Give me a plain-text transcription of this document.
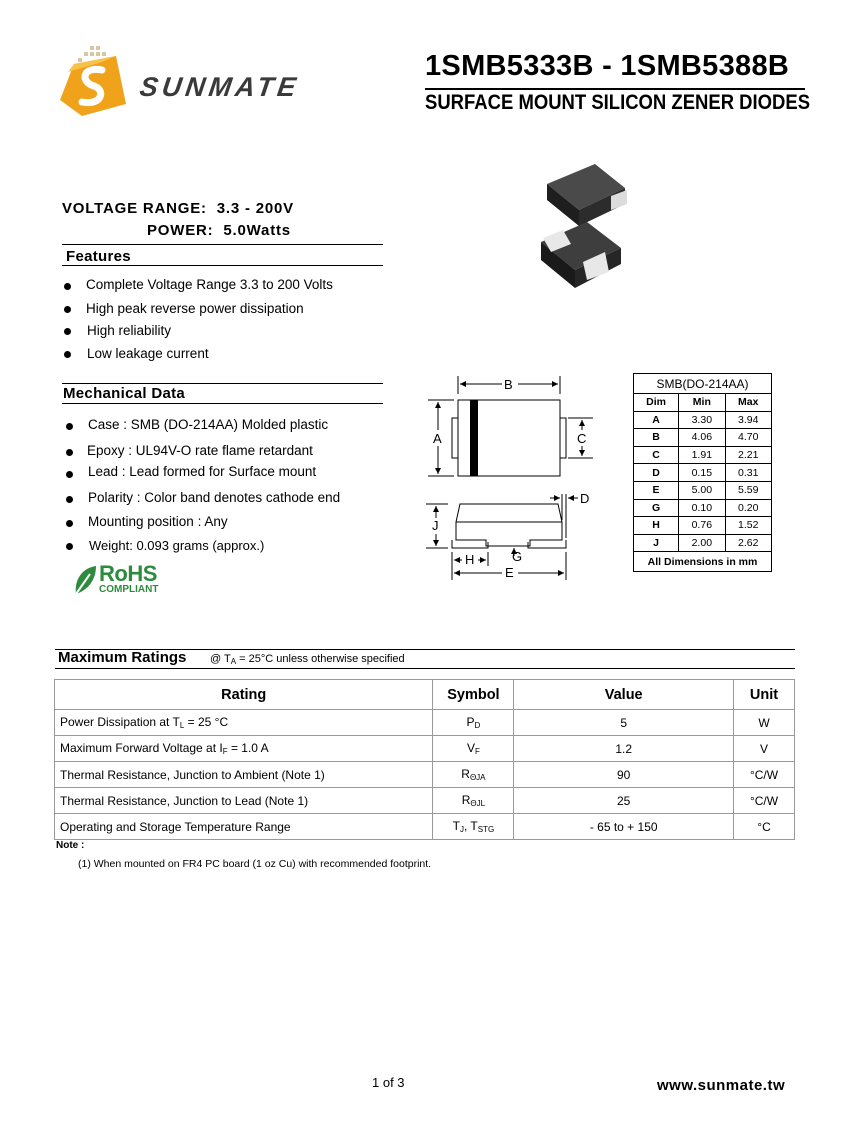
SUNMATE
1SMB5333B - 1SMB5388B
SURFACE MOUNT SILICON ZENER DIODES
VOLTAGE RANGE: 3.3 - 200V
POWER: 5.0Watts
Features
Complete Voltage Range 3.3 to 200 Volts
High peak reverse power dissipation
High reliability
Low leakage current
Mechanical Data
Case : SMB (DO-214AA) Molded plastic
Epoxy : UL94V-O rate flame retardant
Lead : Lead formed for Surface mount
Polarity : Color band denotes cathode end
Mounting position : Any
Weight: 0.093 grams (approx.)
RoHS
COMPLIANT
B
A	C
D
J
G
H
E
SMB(DO-214AA)		
Dim	Min	Max
A	3.30	3.94
B	4.06	4.70
C	1.91	2.21
D	0.15	0.31
E	5.00	5.59
G	0.10	0.20
H	0.76	1.52
J	2.00	2.62
All Dimensions in mm		
Maximum Ratings @ $T_A = 25^\circ C$ unless otherwise specified
Rating	Symbol	Value	Unit
Power Dissipation at $T_L = 25$ °C	$P_D$	5	W
Maximum Forward Voltage at $I_F = 1.0$ A	$V_F$	1.2	V
Thermal Resistance, Junction to Ambient (Note 1)	$R_{\Theta JA}$	90	°C/W
Thermal Resistance, Junction to Lead (Note 1)	$R_{\Theta JL}$	25	°C/W
Operating and Storage Temperature Range	$T_J$, $T_{STG}$	- 65 to + 150	°C
Note :
(1) When mounted on FR4 PC board (1 oz Cu) with recommended footprint.
1 of 3	www.sunmate.tw
